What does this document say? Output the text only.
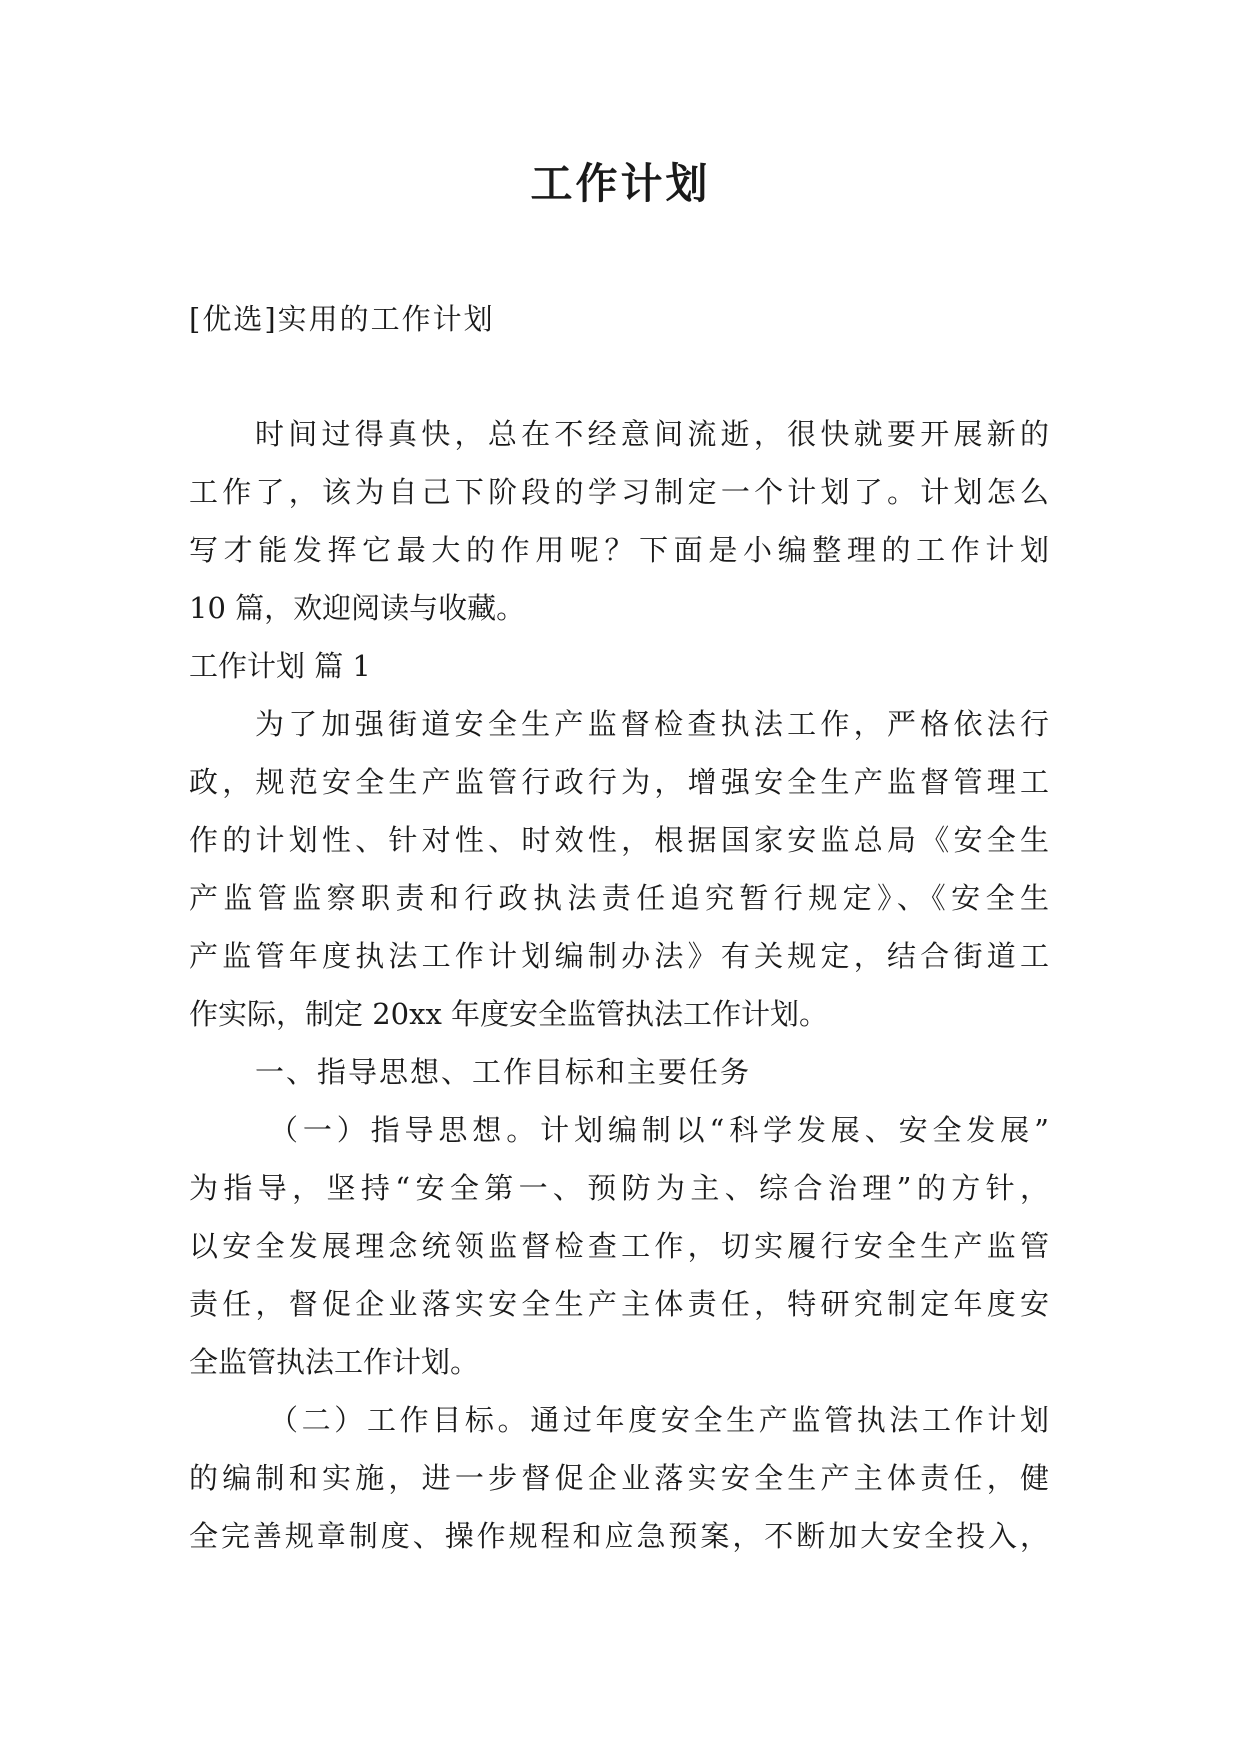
工作计划
[优选]实用的工作计划
时间过得真快，总在不经意间流逝，很快就要开展新的
工作了，该为自己下阶段的学习制定一个计划了。计划怎么
写才能发挥它最大的作用呢？下面是小编整理的工作计划
10 篇，欢迎阅读与收藏。
工作计划 篇 1
为了加强街道安全生产监督检查执法工作，严格依法行
政，规范安全生产监管行政行为，增强安全生产监督管理工
作的计划性、针对性、时效性，根据国家安监总局《安全生
产监管监察职责和行政执法责任追究暂行规定》、《安全生
产监管年度执法工作计划编制办法》有关规定，结合街道工
作实际，制定 20xx 年度安全监管执法工作计划。
一、指导思想、工作目标和主要任务
（一）指导思想。计划编制以“科学发展、安全发展”
为指导，坚持“安全第一、预防为主、综合治理”的方针，
以安全发展理念统领监督检查工作，切实履行安全生产监管
责任，督促企业落实安全生产主体责任，特研究制定年度安
全监管执法工作计划。
（二）工作目标。通过年度安全生产监管执法工作计划
的编制和实施，进一步督促企业落实安全生产主体责任，健
全完善规章制度、操作规程和应急预案，不断加大安全投入，
